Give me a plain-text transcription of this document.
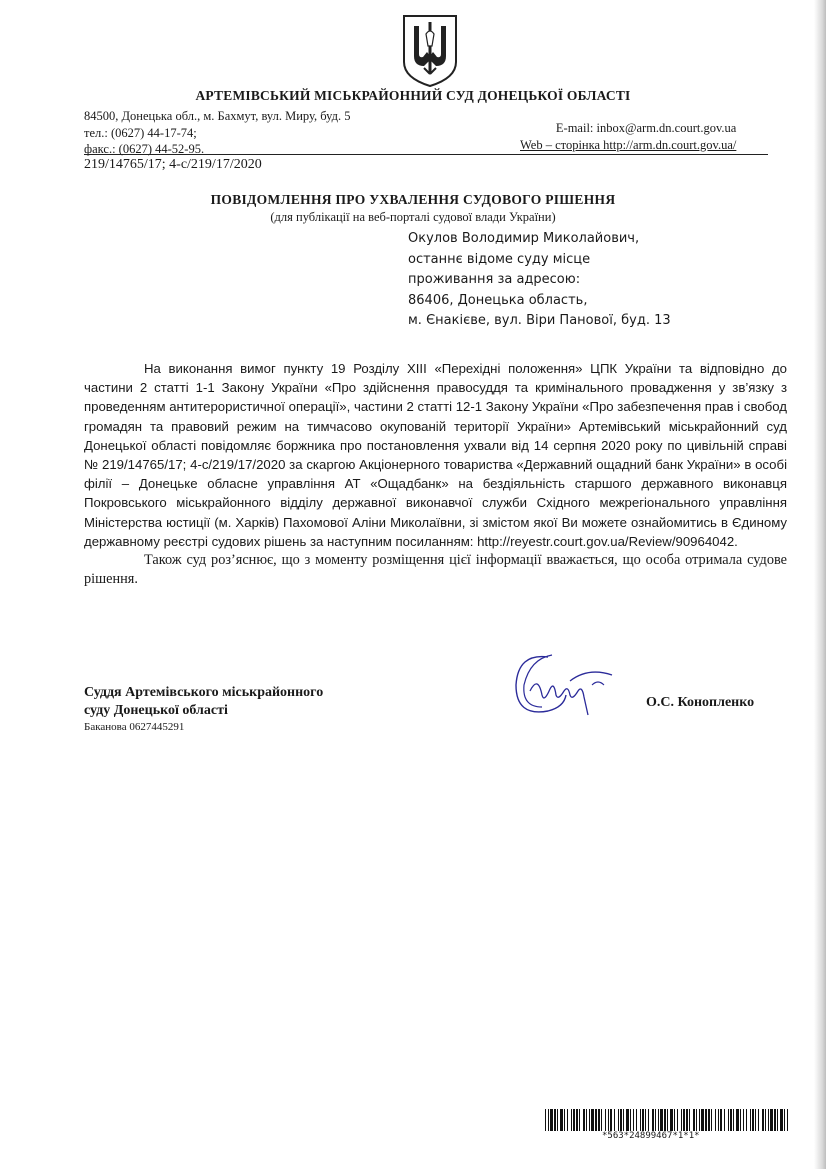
АРТЕМІВСЬКИЙ МІСЬКРАЙОННИЙ СУД ДОНЕЦЬКОЇ ОБЛАСТІ
84500, Донецька обл., м. Бахмут, вул. Миру, буд. 5
тел.: (0627) 44-17-74;
факс.: (0627) 44-52-95.
E-mail: inbox@arm.dn.court.gov.ua
Web – сторінка http://arm.dn.court.gov.ua/
219/14765/17; 4-с/219/17/2020
ПОВІДОМЛЕННЯ ПРО УХВАЛЕННЯ СУДОВОГО РІШЕННЯ
(для публікації на веб-порталі судової влади України)
Окулов Володимир Миколайович,
останнє відоме суду місце
проживання за адресою:
86406, Донецька область,
м. Єнакієве, вул. Віри Панової, буд. 13

На виконання вимог пункту 19 Розділу XIII «Перехідні положення» ЦПК України та відповідно до частини 2 статті 1-1 Закону України «Про здійснення правосуддя та кримінального провадження у зв’язку з проведенням антитерористичної операції», частини 2 статті 12-1 Закону України «Про забезпечення прав і свобод громадян та правовий режим на тимчасово окупованій території України» Артемівський міськрайонний суд Донецької області повідомляє боржника про постановлення ухвали від 14 серпня 2020 року по цивільній справі № 219/14765/17; 4-с/219/17/2020 за скаргою Акціонерного товариства «Державний ощадний банк України» в особі філії – Донецьке обласне управління АТ «Ощадбанк» на бездіяльність старшого державного виконавця Покровського міськрайонного відділу державної виконавчої служби Східного межрегіонального управління Міністерства юстиції (м. Харків) Пахомової Аліни Миколаївни, зі змістом якої Ви можете ознайомитись в Єдиному державному реєстрі судових рішень за наступним посиланням: http://reyestr.court.gov.ua/Review/90964042.

Також суд роз’яснює, що з моменту розміщення цієї інформації вважається, що особа отримала судове рішення.

Суддя Артемівського міськрайонного
суду Донецької області
Баканова 0627445291
О.С. Конопленко
*563*24899467*1*1*
